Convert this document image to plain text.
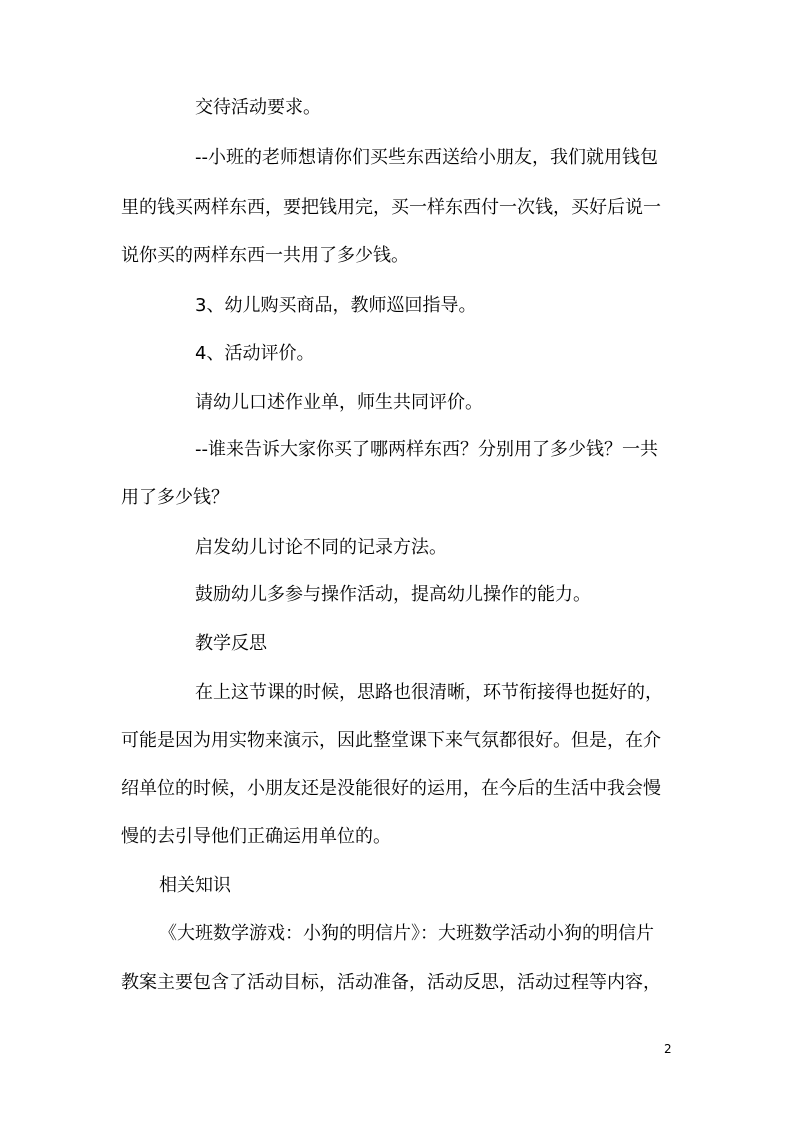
交待活动要求。
--小班的老师想请你们买些东西送给小朋友，我们就用钱包
里的钱买两样东西，要把钱用完，买一样东西付一次钱，买好后说一
说你买的两样东西一共用了多少钱。
3、幼儿购买商品，教师巡回指导。
4、活动评价。
请幼儿口述作业单，师生共同评价。
--谁来告诉大家你买了哪两样东西？分别用了多少钱？一共
用了多少钱？
启发幼儿讨论不同的记录方法。
鼓励幼儿多参与操作活动，提高幼儿操作的能力。
教学反思
在上这节课的时候，思路也很清晰，环节衔接得也挺好的，
可能是因为用实物来演示，因此整堂课下来气氛都很好。但是，在介
绍单位的时候，小朋友还是没能很好的运用，在今后的生活中我会慢
慢的去引导他们正确运用单位的。
相关知识
《大班数学游戏：小狗的明信片》：大班数学活动小狗的明信片
教案主要包含了活动目标，活动准备，活动反思，活动过程等内容，
2
